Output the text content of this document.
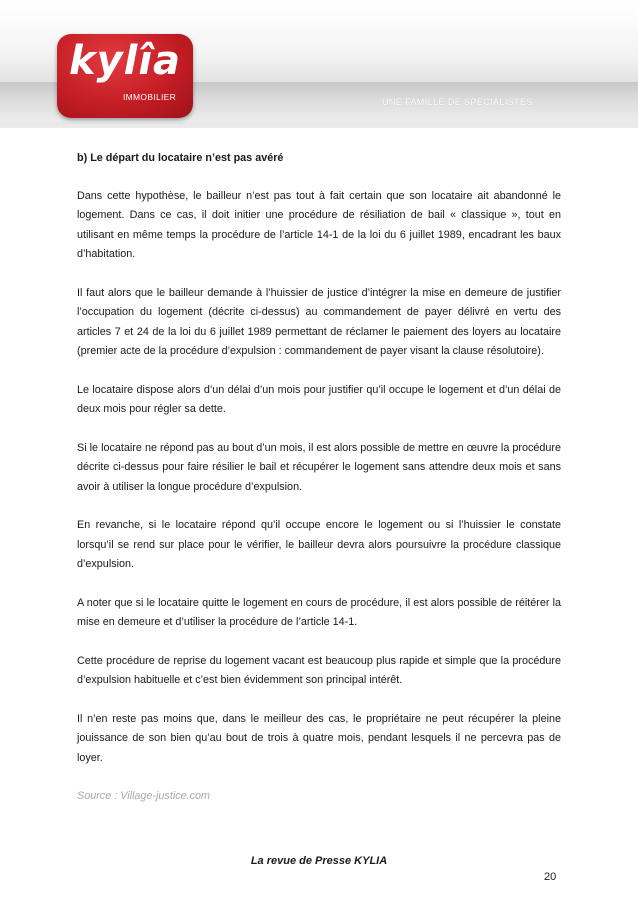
kylîa
IMMOBILIER	UNE FAMILLE DE SPECIALISTES

b) Le départ du locataire n’est pas avéré

Dans cette hypothèse, le bailleur n’est pas tout à fait certain que son locataire ait abandonné le logement. Dans ce cas, il doit initier une procédure de résiliation de bail « classique », tout en utilisant en même temps la procédure de l’article 14-1 de la loi du 6 juillet 1989, encadrant les baux d’habitation.

Il faut alors que le bailleur demande à l’huissier de justice d’intégrer la mise en demeure de justifier l’occupation du logement (décrite ci-dessus) au commandement de payer délivré en vertu des articles 7 et 24 de la loi du 6 juillet 1989 permettant de réclamer le paiement des loyers au locataire (premier acte de la procédure d’expulsion : commandement de payer visant la clause résolutoire).

Le locataire dispose alors d’un délai d’un mois pour justifier qu’il occupe le logement et d’un délai de deux mois pour régler sa dette.

Si le locataire ne répond pas au bout d’un mois, il est alors possible de mettre en œuvre la procédure décrite ci-dessus pour faire résilier le bail et récupérer le logement sans attendre deux mois et sans avoir à utiliser la longue procédure d’expulsion.

En revanche, si le locataire répond qu’il occupe encore le logement ou si l’huissier le constate lorsqu’il se rend sur place pour le vérifier, le bailleur devra alors poursuivre la procédure classique d’expulsion.

A noter que si le locataire quitte le logement en cours de procédure, il est alors possible de réitérer la mise en demeure et d’utiliser la procédure de l’article 14-1.

Cette procédure de reprise du logement vacant est beaucoup plus rapide et simple que la procédure d’expulsion habituelle et c’est bien évidemment son principal intérêt.

Il n’en reste pas moins que, dans le meilleur des cas, le propriétaire ne peut récupérer la pleine jouissance de son bien qu’au bout de trois à quatre mois, pendant lesquels il ne percevra pas de loyer.

Source : Village-justice.com

La revue de Presse KYLIA
20
